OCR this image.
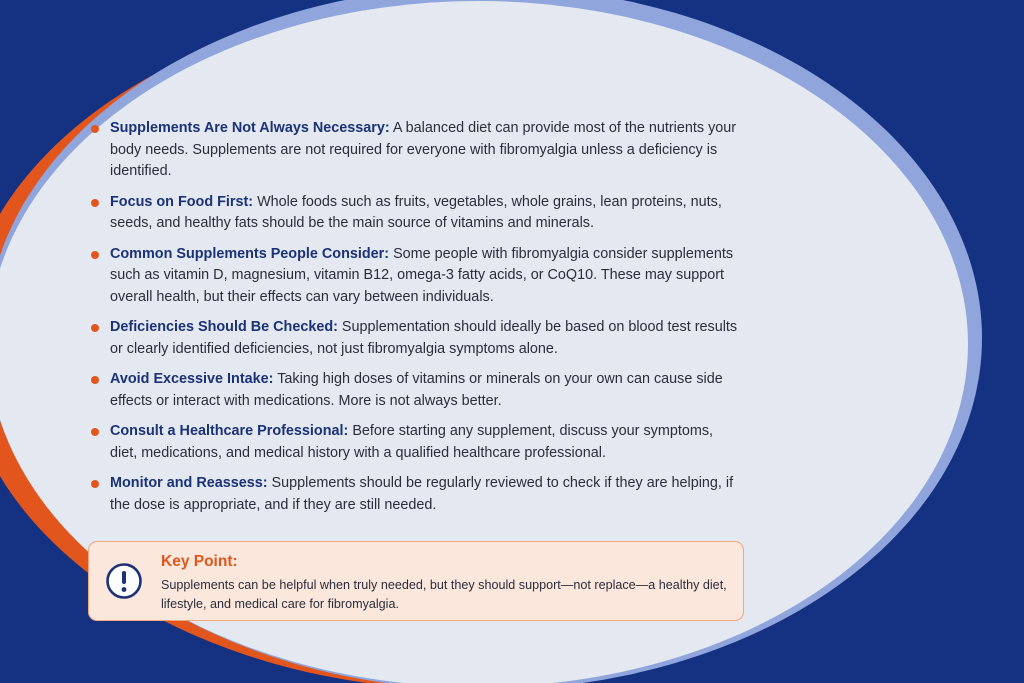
Supplements Are Not Always Necessary: A balanced diet can provide most of the nutrients your body needs. Supplements are not required for everyone with fibromyalgia unless a deficiency is identified.
Focus on Food First: Whole foods such as fruits, vegetables, whole grains, lean proteins, nuts, seeds, and healthy fats should be the main source of vitamins and minerals.
Common Supplements People Consider: Some people with fibromyalgia consider supplements such as vitamin D, magnesium, vitamin B12, omega-3 fatty acids, or CoQ10. These may support overall health, but their effects can vary between individuals.
Deficiencies Should Be Checked: Supplementation should ideally be based on blood test results or clearly identified deficiencies, not just fibromyalgia symptoms alone.
Avoid Excessive Intake: Taking high doses of vitamins or minerals on your own can cause side effects or interact with medications. More is not always better.
Consult a Healthcare Professional: Before starting any supplement, discuss your symptoms, diet, medications, and medical history with a qualified healthcare professional.
Monitor and Reassess: Supplements should be regularly reviewed to check if they are helping, if the dose is appropriate, and if they are still needed.
Key Point:
Supplements can be helpful when truly needed, but they should support—not replace—a healthy diet, lifestyle, and medical care for fibromyalgia.
